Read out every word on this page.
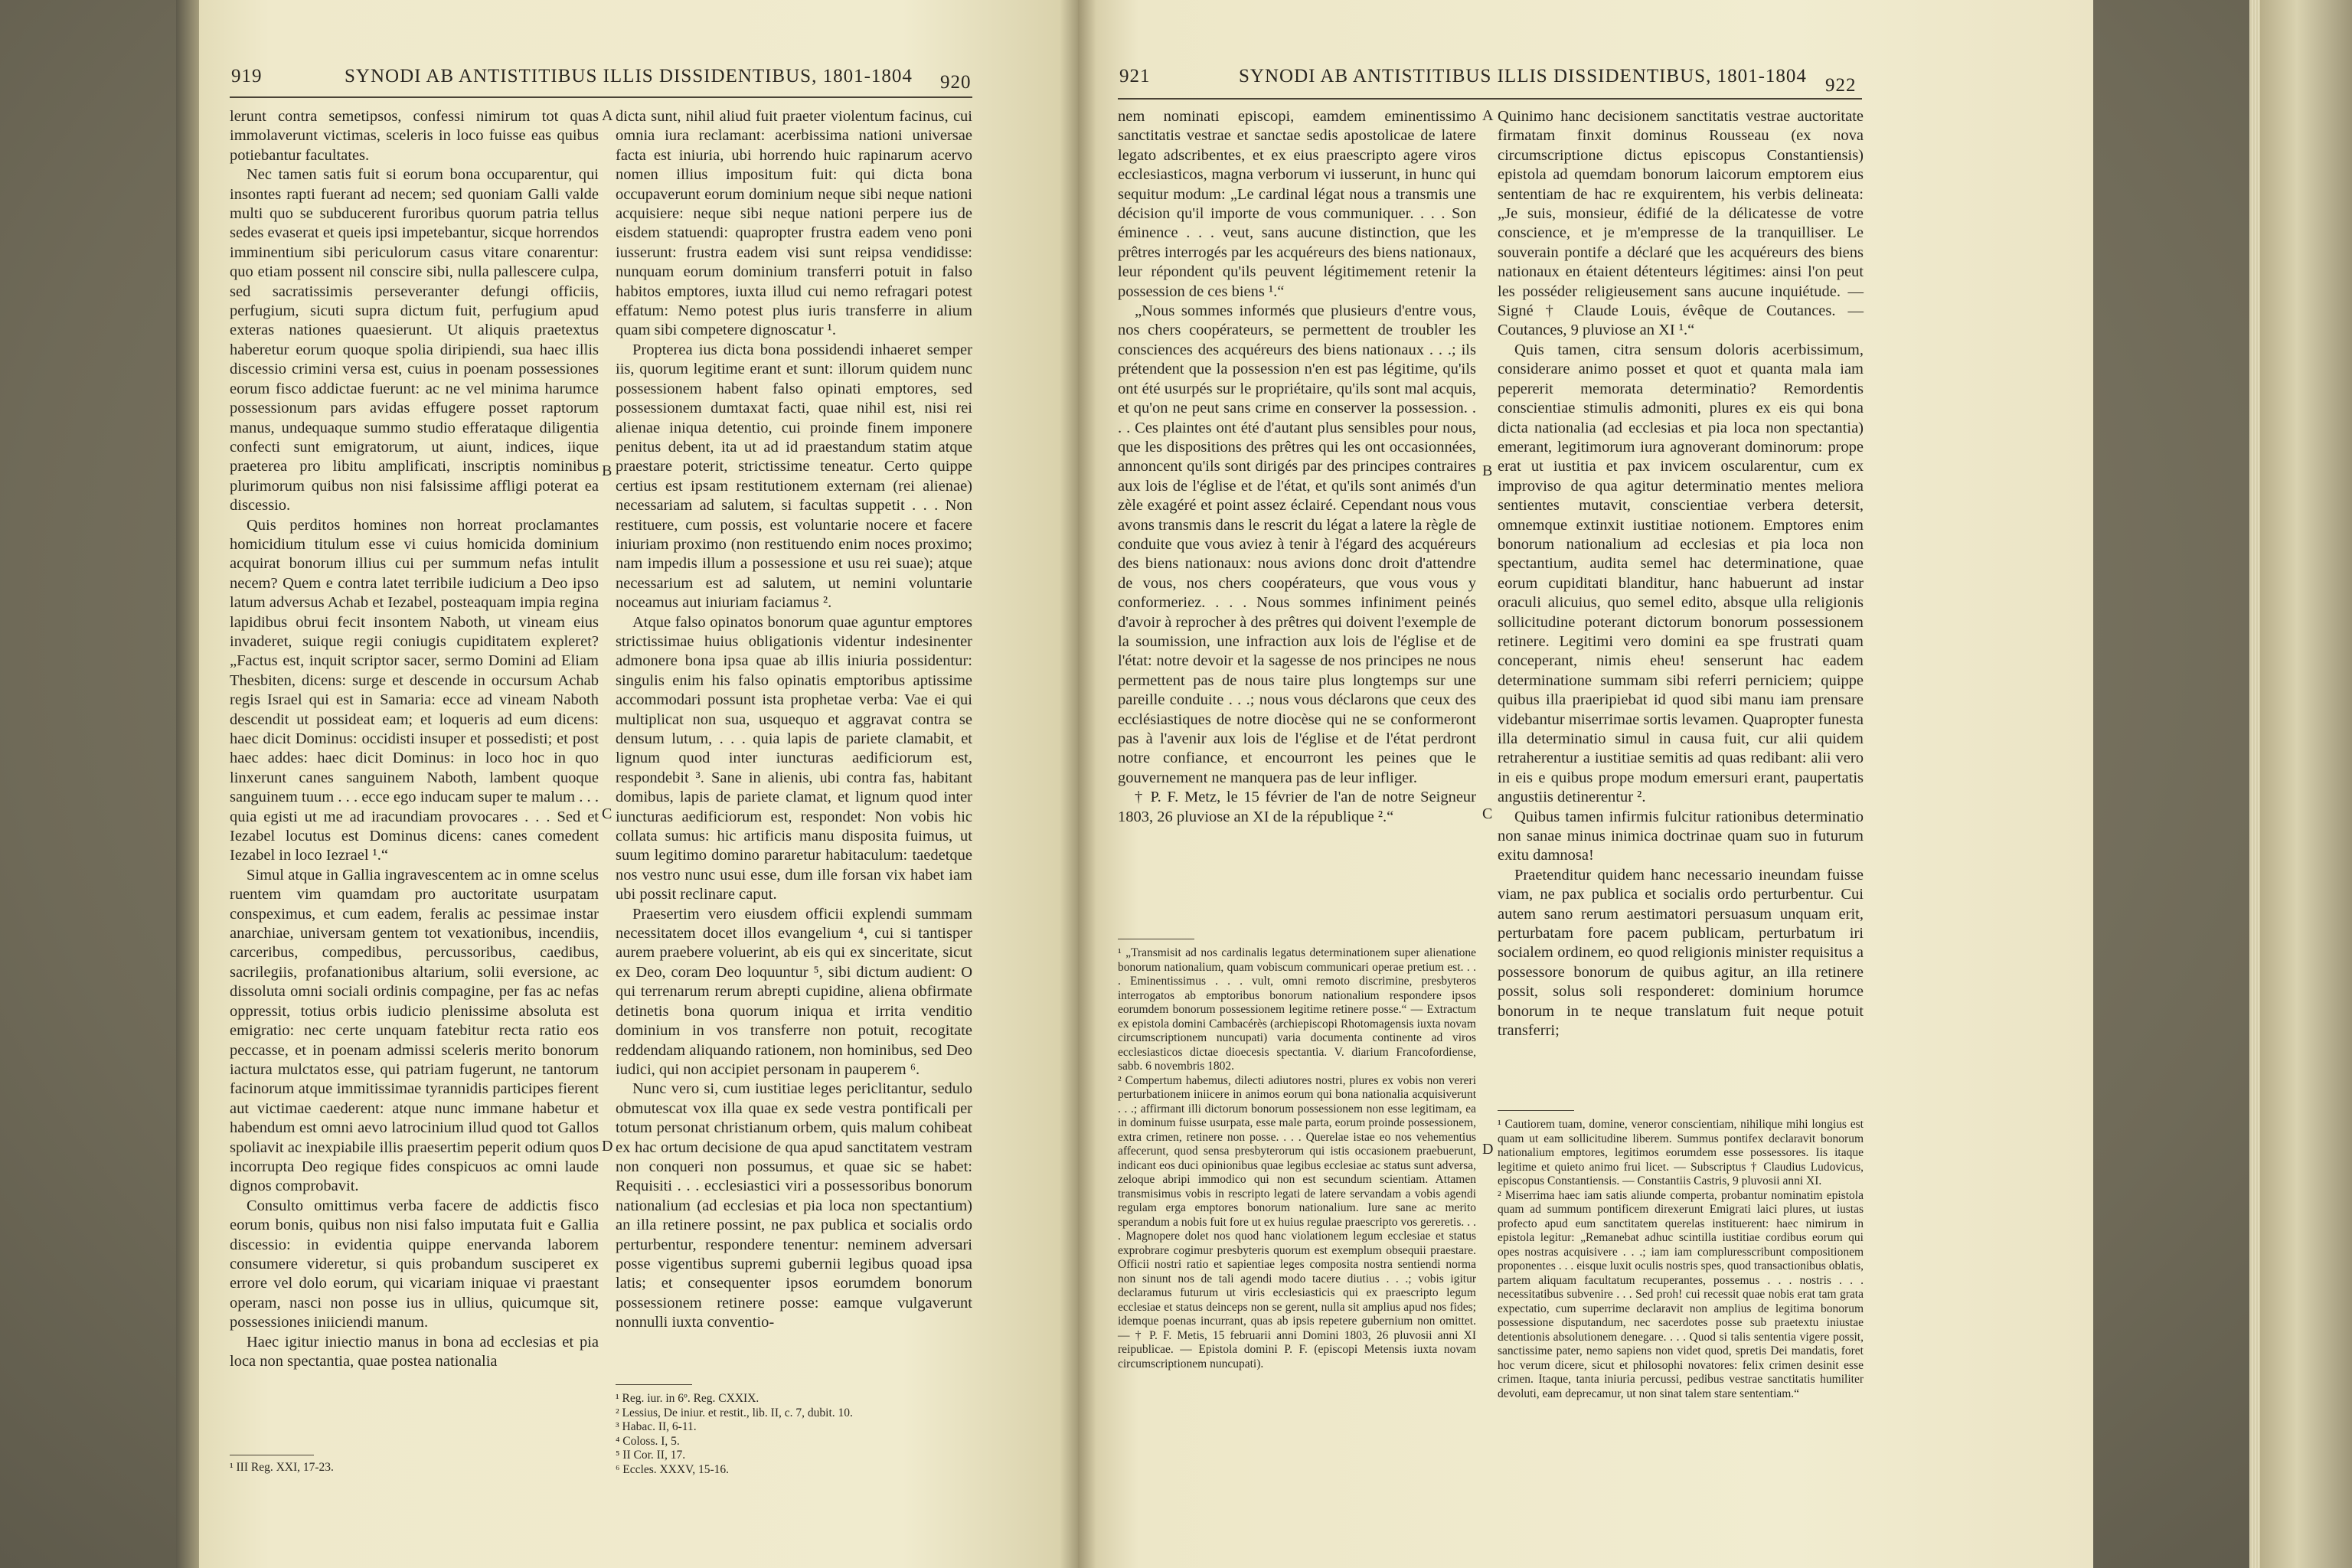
919	SYNODI AB ANTISTITIBUS ILLIS DISSIDENTIBUS, 1801-1804 920

lerunt contra semetipsos, confessi nimirum tot quas immolaverunt victimas, sceleris in loco fuisse eas quibus potiebantur facultates.

Nec tamen satis fuit si eorum bona occuparentur, qui insontes rapti fuerant ad necem; sed quoniam Galli valde multi quo se subducerent furoribus quorum patria tellus sedes evaserat et queis ipsi impetebantur, sicque horrendos imminentium sibi periculorum casus vitare conarentur: quo etiam possent nil conscire sibi, nulla pallescere culpa, sed sacratissimis perseveranter defungi officiis, perfugium, sicuti supra dictum fuit, perfugium apud exteras nationes quaesierunt. Ut aliquis praetextus haberetur eorum quoque spolia diripiendi, sua haec illis discessio crimini versa est, cuius in poenam possessiones eorum fisco addictae fuerunt: ac ne vel minima harumce possessionum pars avidas effugere posset raptorum manus, undequaque summo studio efferataque diligentia confecti sunt emigratorum, ut aiunt, indices, iique praeterea pro libitu amplificati, inscriptis nominibus plurimorum quibus non nisi falsissime affligi poterat ea discessio.

Quis perditos homines non horreat proclamantes homicidium titulum esse vi cuius homicida dominium acquirat bonorum illius cui per summum nefas intulit necem? Quem e contra latet terribile iudicium a Deo ipso latum adversus Achab et Iezabel, posteaquam impia regina lapidibus obrui fecit insontem Naboth, ut vineam eius invaderet, suique regii coniugis cupiditatem expleret? „Factus est, inquit scriptor sacer, sermo Domini ad Eliam Thesbiten, dicens: surge et descende in occursum Achab regis Israel qui est in Samaria: ecce ad vineam Naboth descendit ut possideat eam; et loqueris ad eum dicens: haec dicit Dominus: occidisti insuper et possedisti; et post haec addes: haec dicit Dominus: in loco hoc in quo linxerunt canes sanguinem Naboth, lambent quoque sanguinem tuum . . . ecce ego inducam super te malum . . . quia egisti ut me ad iracundiam provocares . . . Sed et Iezabel locutus est Dominus dicens: canes comedent Iezabel in loco Iezrael ¹.“

Simul atque in Gallia ingravescentem ac in omne scelus ruentem vim quamdam pro auctoritate usurpatam conspeximus, et cum eadem, feralis ac pessimae instar anarchiae, universam gentem tot vexationibus, incendiis, carceribus, compedibus, percussoribus, caedibus, sacrilegiis, profanationibus altarium, solii eversione, ac dissoluta omni sociali ordinis compagine, per fas ac nefas oppressit, totius orbis iudicio plenissime absoluta est emigratio: nec certe unquam fatebitur recta ratio eos peccasse, et in poenam admissi sceleris merito bonorum iactura mulctatos esse, qui patriam fugerunt, ne tantorum facinorum atque immitissimae tyrannidis participes fierent aut victimae caederent: atque nunc immane habetur et habendum est omni aevo latrocinium illud quod tot Gallos spoliavit ac inexpiabile illis praesertim peperit odium quos incorrupta Deo regique fides conspicuos ac omni laude dignos comprobavit.

Consulto omittimus verba facere de addictis fisco eorum bonis, quibus non nisi falso imputata fuit e Gallia discessio: in evidentia quippe enervanda laborem consumere videretur, si quis probandum susciperet ex errore vel dolo eorum, qui vicariam iniquae vi praestant operam, nasci non posse ius in ullius, quicumque sit, possessiones iniiciendi manum.

Haec igitur iniectio manus in bona ad ecclesias et pia loca non spectantia, quae postea nationalia

¹ III Reg. XXI, 17-23.
A
B
C
D

dicta sunt, nihil aliud fuit praeter violentum facinus, cui omnia iura reclamant: acerbissima nationi universae facta est iniuria, ubi horrendo huic rapinarum acervo nomen illius impositum fuit: qui dicta bona occupaverunt eorum dominium neque sibi neque nationi acquisiere: neque sibi neque nationi perpere ius de eisdem statuendi: quapropter frustra eadem veno poni iusserunt: frustra eadem visi sunt reipsa vendidisse: nunquam eorum dominium transferri potuit in falso habitos emptores, iuxta illud cui nemo refragari potest effatum: Nemo potest plus iuris transferre in alium quam sibi competere dignoscatur ¹.

Propterea ius dicta bona possidendi inhaeret semper iis, quorum legitime erant et sunt: illorum quidem nunc possessionem habent falso opinati emptores, sed possessionem dumtaxat facti, quae nihil est, nisi rei alienae iniqua detentio, cui proinde finem imponere penitus debent, ita ut ad id praestandum statim atque praestare poterit, strictissime teneatur. Certo quippe certius est ipsam restitutionem externam (rei alienae) necessariam ad salutem, si facultas suppetit . . . Non restituere, cum possis, est voluntarie nocere et facere iniuriam proximo (non restituendo enim noces proximo; nam impedis illum a possessione et usu rei suae); atque necessarium est ad salutem, ut nemini voluntarie noceamus aut iniuriam faciamus ².

Atque falso opinatos bonorum quae aguntur emptores strictissimae huius obligationis videntur indesinenter admonere bona ipsa quae ab illis iniuria possidentur: singulis enim his falso opinatis emptoribus aptissime accommodari possunt ista prophetae verba: Vae ei qui multiplicat non sua, usquequo et aggravat contra se densum lutum, . . . quia lapis de pariete clamabit, et lignum quod inter iuncturas aedificiorum est, respondebit ³. Sane in alienis, ubi contra fas, habitant domibus, lapis de pariete clamat, et lignum quod inter iuncturas aedificiorum est, respondet: Non vobis hic collata sumus: hic artificis manu disposita fuimus, ut suum legitimo domino pararetur habitaculum: taedetque nos vestro nunc usui esse, dum ille forsan vix habet iam ubi possit reclinare caput.

Praesertim vero eiusdem officii explendi summam necessitatem docet illos evangelium ⁴, cui si tantisper aurem praebere voluerint, ab eis qui ex sinceritate, sicut ex Deo, coram Deo loquuntur ⁵, sibi dictum audient: O qui terrenarum rerum abrepti cupidine, aliena obfirmate detinetis bona quorum iniqua et irrita venditio dominium in vos transferre non potuit, recogitate reddendam aliquando rationem, non hominibus, sed Deo iudici, qui non accipiet personam in pauperem ⁶.

Nunc vero si, cum iustitiae leges periclitantur, sedulo obmutescat vox illa quae ex sede vestra pontificali per totum personat christianum orbem, quis malum cohibeat ex hac ortum decisione de qua apud sanctitatem vestram non conqueri non possumus, et quae sic se habet: Requisiti . . . ecclesiastici viri a possessoribus bonorum nationalium (ad ecclesias et pia loca non spectantium) an illa retinere possint, ne pax publica et socialis ordo perturbentur, respondere tenentur: neminem adversari posse vigentibus supremi gubernii legibus quoad ipsa latis; et consequenter ipsos eorumdem bonorum possessionem retinere posse: eamque vulgaverunt nonnulli iuxta conventio-

¹ Reg. iur. in 6º. Reg. CXXIX.
² Lessius, De iniur. et restit., lib. II, c. 7, dubit. 10.
³ Habac. II, 6-11.
⁴ Coloss. I, 5.
⁵ II Cor. II, 17.
⁶ Eccles. XXXV, 15-16.
921	SYNODI AB ANTISTITIBUS ILLIS DISSIDENTIBUS, 1801-1804 922

nem nominati episcopi, eamdem eminentissimo sanctitatis vestrae et sanctae sedis apostolicae de latere legato adscribentes, et ex eius praescripto agere viros ecclesiasticos, magna verborum vi iusserunt, in hunc qui sequitur modum: „Le cardinal légat nous a transmis une décision qu'il importe de vous communiquer. . . . Son éminence . . . veut, sans aucune distinction, que les prêtres interrogés par les acquéreurs des biens nationaux, leur répondent qu'ils peuvent légitimement retenir la possession de ces biens ¹.“

„Nous sommes informés que plusieurs d'entre vous, nos chers coopérateurs, se permettent de troubler les consciences des acquéreurs des biens nationaux . . .; ils prétendent que la possession n'en est pas légitime, qu'ils ont été usurpés sur le propriétaire, qu'ils sont mal acquis, et qu'on ne peut sans crime en conserver la possession. . . . Ces plaintes ont été d'autant plus sensibles pour nous, que les dispositions des prêtres qui les ont occasionnées, annoncent qu'ils sont dirigés par des principes contraires aux lois de l'église et de l'état, et qu'ils sont animés d'un zèle exagéré et point assez éclairé. Cependant nous vous avons transmis dans le rescrit du légat a latere la règle de conduite que vous aviez à tenir à l'égard des acquéreurs des biens nationaux: nous avions donc droit d'attendre de vous, nos chers coopérateurs, que vous vous y conformeriez. . . . Nous sommes infiniment peinés d'avoir à reprocher à des prêtres qui doivent l'exemple de la soumission, une infraction aux lois de l'église et de l'état: notre devoir et la sagesse de nos principes ne nous permettent pas de nous taire plus longtemps sur une pareille conduite . . .; nous vous déclarons que ceux des ecclésiastiques de notre diocèse qui ne se conformeront pas à l'avenir aux lois de l'église et de l'état perdront notre confiance, et encourront les peines que le gouvernement ne manquera pas de leur infliger.

† P. F. Metz, le 15 février de l'an de notre Seigneur 1803, 26 pluviose an XI de la république ².“

¹ „Transmisit ad nos cardinalis legatus determinationem super alienatione bonorum nationalium, quam vobiscum communicari operae pretium est. . . . Eminentissimus . . . vult, omni remoto discrimine, presbyteros interrogatos ab emptoribus bonorum nationalium respondere ipsos eorumdem bonorum possessionem legitime retinere posse.“ — Extractum ex epistola domini Cambacérès (archiepiscopi Rhotomagensis iuxta novam circumscriptionem nuncupati) varia documenta continente ad viros ecclesiasticos dictae dioecesis spectantia. V. diarium Francofordiense, sabb. 6 novembris 1802.
² Compertum habemus, dilecti adiutores nostri, plures ex vobis non vereri perturbationem iniicere in animos eorum qui bona nationalia acquisiverunt . . .; affirmant illi dictorum bonorum possessionem non esse legitimam, ea in dominum fuisse usurpata, esse male parta, eorum proinde possessionem, extra crimen, retinere non posse. . . . Querelae istae eo nos vehementius affecerunt, quod sensa presbyterorum qui istis occasionem praebuerunt, indicant eos duci opinionibus quae legibus ecclesiae ac status sunt adversa, zeloque abripi immodico qui non est secundum scientiam. Attamen transmisimus vobis in rescripto legati de latere servandam a vobis agendi regulam erga emptores bonorum nationalium. Iure sane ac merito sperandum a nobis fuit fore ut ex huius regulae praescripto vos gereretis. . . . Magnopere dolet nos quod hanc violationem legum ecclesiae et status exprobrare cogimur presbyteris quorum est exemplum obsequii praestare. Officii nostri ratio et sapientiae leges composita nostra sentiendi norma non sinunt nos de tali agendi modo tacere diutius . . .; vobis igitur declaramus futurum ut viris ecclesiasticis qui ex praescripto legum ecclesiae et status deinceps non se gerent, nulla sit amplius apud nos fides; idemque poenas incurrant, quas ab ipsis repetere gubernium non omittet. — † P. F. Metis, 15 februarii anni Domini 1803, 26 pluvosii anni XI reipublicae. — Epistola domini P. F. (episcopi Metensis iuxta novam circumscriptionem nuncupati).
A
B
C
D

Quinimo hanc decisionem sanctitatis vestrae auctoritate firmatam finxit dominus Rousseau (ex nova circumscriptione dictus episcopus Constantiensis) epistola ad quemdam bonorum laicorum emptorem eius sententiam de hac re exquirentem, his verbis delineata: „Je suis, monsieur, édifié de la délicatesse de votre conscience, et je m'empresse de la tranquilliser. Le souverain pontife a déclaré que les acquéreurs des biens nationaux en étaient détenteurs légitimes: ainsi l'on peut les posséder religieusement sans aucune inquiétude. — Signé † Claude Louis, évêque de Coutances. — Coutances, 9 pluviose an XI ¹.“

Quis tamen, citra sensum doloris acerbissimum, considerare animo posset et quot et quanta mala iam pepererit memorata determinatio? Remordentis conscientiae stimulis admoniti, plures ex eis qui bona dicta nationalia (ad ecclesias et pia loca non spectantia) emerant, legitimorum iura agnoverant dominorum: prope erat ut iustitia et pax invicem oscularentur, cum ex improviso de qua agitur determinatio mentes meliora sentientes mutavit, conscientiae verbera detersit, omnemque extinxit iustitiae notionem. Emptores enim bonorum nationalium ad ecclesias et pia loca non spectantium, audita semel hac determinatione, quae eorum cupiditati blanditur, hanc habuerunt ad instar oraculi alicuius, quo semel edito, absque ulla religionis sollicitudine poterant dictorum bonorum possessionem retinere. Legitimi vero domini ea spe frustrati quam conceperant, nimis eheu! senserunt hac eadem determinatione summam sibi referri perniciem; quippe quibus illa praeripiebat id quod sibi manu iam prensare videbantur miserrimae sortis levamen. Quapropter funesta illa determinatio simul in causa fuit, cur alii quidem retraherentur a iustitiae semitis ad quas redibant: alii vero in eis e quibus prope modum emersuri erant, paupertatis angustiis detinerentur ².

Quibus tamen infirmis fulcitur rationibus determinatio non sanae minus inimica doctrinae quam suo in futurum exitu damnosa!

Praetenditur quidem hanc necessario ineundam fuisse viam, ne pax publica et socialis ordo perturbentur. Cui autem sano rerum aestimatori persuasum unquam erit, perturbatam fore pacem publicam, perturbatum iri socialem ordinem, eo quod religionis minister requisitus a possessore bonorum de quibus agitur, an illa retinere possit, solus soli responderet: dominium horumce bonorum in te neque translatum fuit neque potuit transferri;

¹ Cautiorem tuam, domine, veneror conscientiam, nihilique mihi longius est quam ut eam sollicitudine liberem. Summus pontifex declaravit bonorum nationalium emptores, legitimos eorumdem esse possessores. Iis itaque legitime et quieto animo frui licet. — Subscriptus † Claudius Ludovicus, episcopus Constantiensis. — Constantiis Castris, 9 pluvosii anni XI.
² Miserrima haec iam satis aliunde comperta, probantur nominatim epistola quam ad summum pontificem direxerunt Emigrati laici plures, ut iustas profecto apud eum sanctitatem querelas instituerent: haec nimirum in epistola legitur: „Remanebat adhuc scintilla iustitiae cordibus eorum qui opes nostras acquisivere . . .; iam iam compluresscribunt compositionem proponentes . . . eisque luxit oculis nostris spes, quod transactionibus oblatis, partem aliquam facultatum recuperantes, possemus . . . nostris . . . necessitatibus subvenire . . . Sed proh! cui recessit quae nobis erat tam grata expectatio, cum superrime declaravit non amplius de legitima bonorum possessione disputandum, nec sacerdotes posse sub praetextu iniustae detentionis absolutionem denegare. . . . Quod si talis sententia vigere possit, sanctissime pater, nemo sapiens non videt quod, spretis Dei mandatis, foret hoc verum dicere, sicut et philosophi novatores: felix crimen desinit esse crimen. Itaque, tanta iniuria percussi, pedibus vestrae sanctitatis humiliter devoluti, eam deprecamur, ut non sinat talem stare sententiam.“
